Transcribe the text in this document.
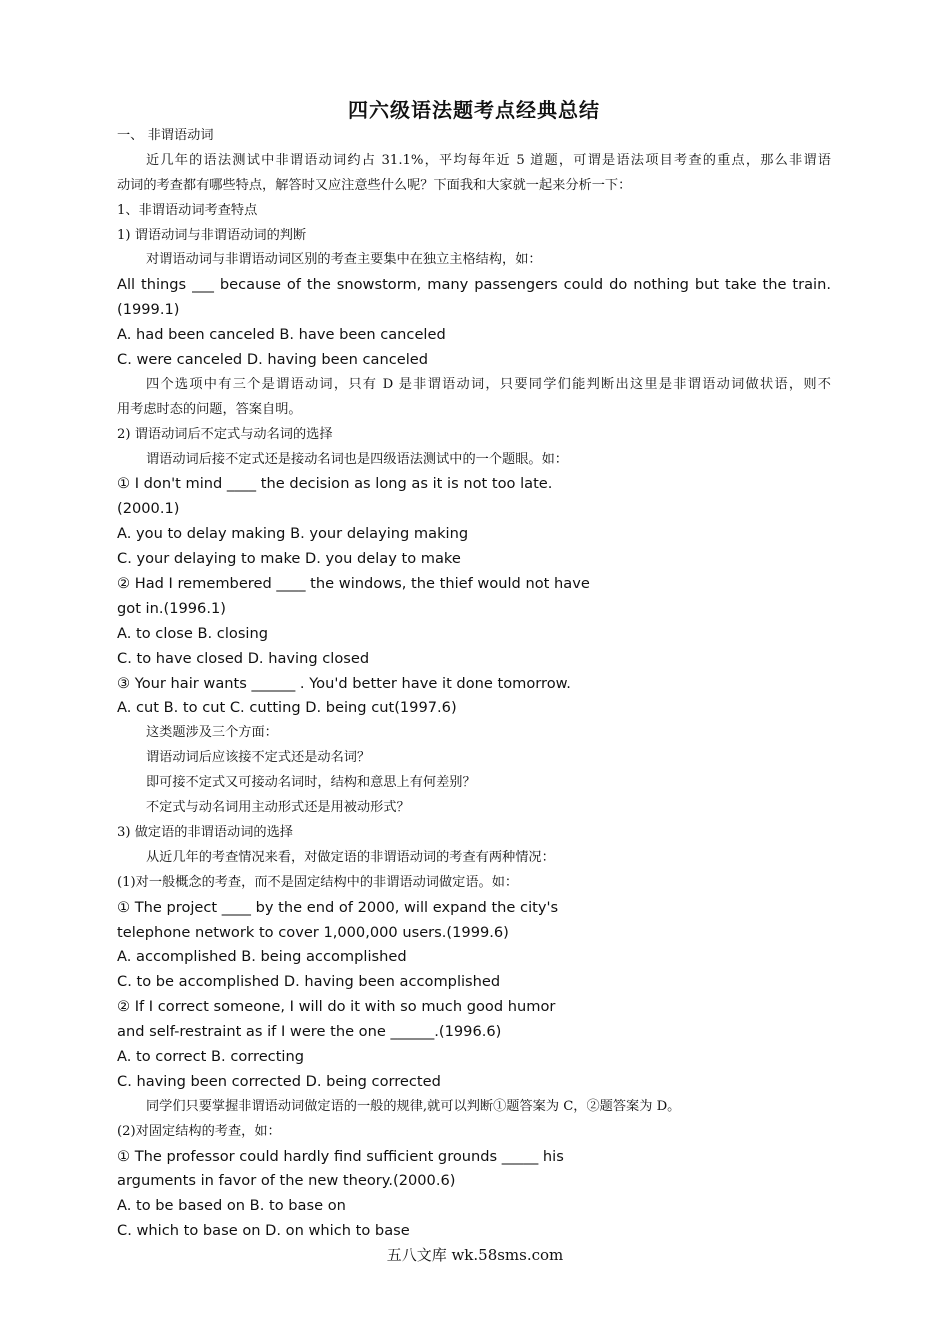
四六级语法题考点经典总结
一、 非谓语动词
近几年的语法测试中非谓语动词约占 31.1%，平均每年近 5 道题，可谓是语法项目考查的重点，那么非谓语
动词的考查都有哪些特点，解答时又应注意些什么呢？下面我和大家就一起来分析一下：
1、非谓语动词考查特点
1) 谓语动词与非谓语动词的判断
对谓语动词与非谓语动词区别的考查主要集中在独立主格结构，如：
All things ___ because of the snowstorm, many passengers could do nothing but take the train.
(1999.1)
A. had been canceled B. have been canceled
C. were canceled D. having been canceled
四个选项中有三个是谓语动词，只有 D 是非谓语动词，只要同学们能判断出这里是非谓语动词做状语，则不
用考虑时态的问题，答案自明。
2) 谓语动词后不定式与动名词的选择
谓语动词后接不定式还是接动名词也是四级语法测试中的一个题眼。如：
① I don't mind ____ the decision as long as it is not too late.
(2000.1)
A. you to delay making B. your delaying making
C. your delaying to make D. you delay to make
② Had I remembered ____ the windows, the thief would not have
got in.(1996.1)
A. to close B. closing
C. to have closed D. having closed
③ Your hair wants ______ . You'd better have it done tomorrow.
A. cut B. to cut C. cutting D. being cut(1997.6)
这类题涉及三个方面：
谓语动词后应该接不定式还是动名词？
即可接不定式又可接动名词时，结构和意思上有何差别？
不定式与动名词用主动形式还是用被动形式？
3) 做定语的非谓语动词的选择
从近几年的考查情况来看，对做定语的非谓语动词的考查有两种情况：
(1)对一般概念的考查，而不是固定结构中的非谓语动词做定语。如：
① The project ____ by the end of 2000, will expand the city's
telephone network to cover 1,000,000 users.(1999.6)
A. accomplished B. being accomplished
C. to be accomplished D. having been accomplished
② If I correct someone, I will do it with so much good humor
and self-restraint as if I were the one ______.(1996.6)
A. to correct B. correcting
C. having been corrected D. being corrected
同学们只要掌握非谓语动词做定语的一般的规律,就可以判断①题答案为 C，②题答案为 D。
(2)对固定结构的考查，如：
① The professor could hardly find sufficient grounds _____ his
arguments in favor of the new theory.(2000.6)
A. to be based on B. to base on
C. which to base on D. on which to base
五八文库 wk.58sms.com
